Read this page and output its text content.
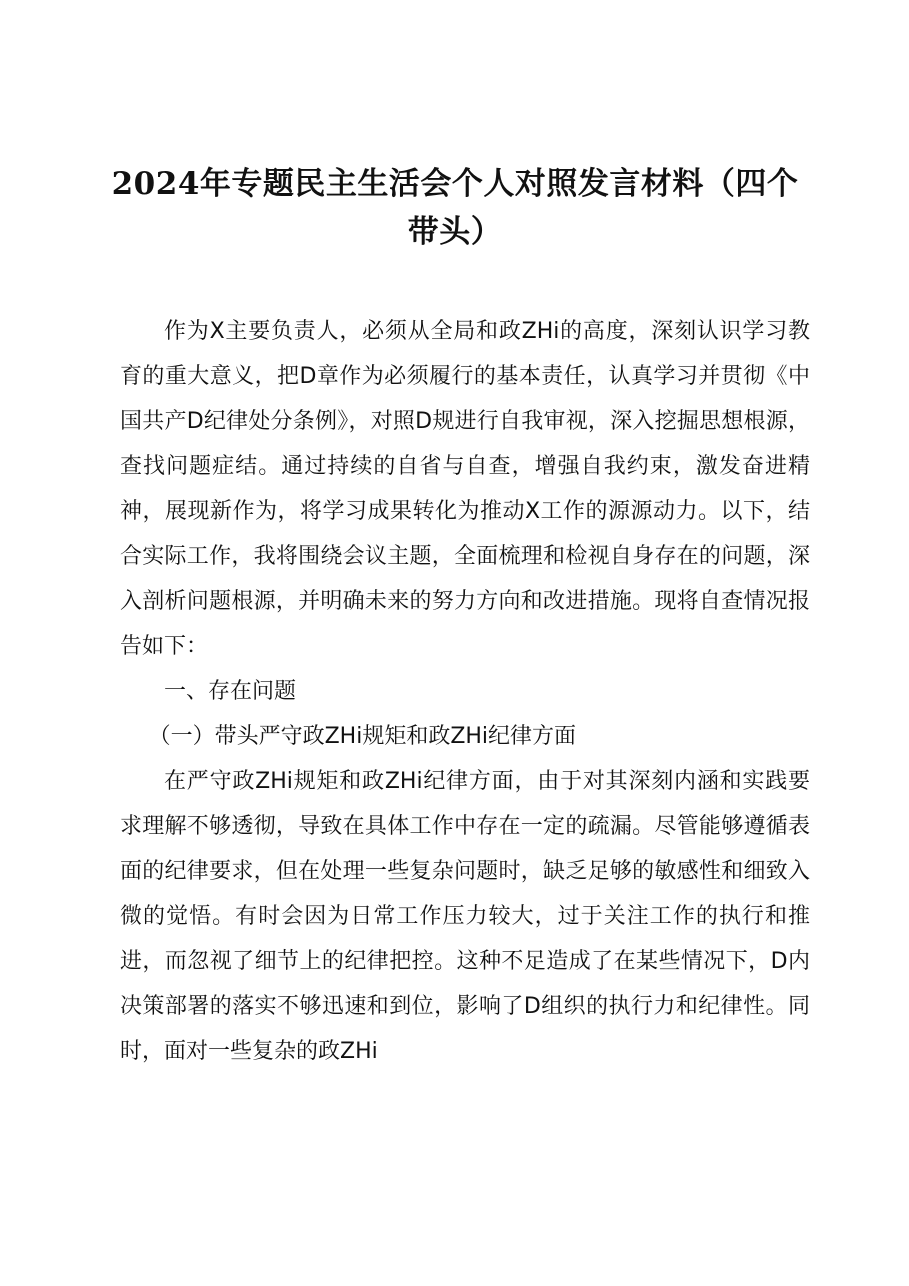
2024年专题民主生活会个人对照发言材料（四个带头）

作为X主要负责人，必须从全局和政ZHi的高度，深刻认识学习教育的重大意义，把D章作为必须履行的基本责任，认真学习并贯彻《中国共产D纪律处分条例》，对照D规进行自我审视，深入挖掘思想根源，查找问题症结。通过持续的自省与自查，增强自我约束，激发奋进精神，展现新作为，将学习成果转化为推动X工作的源源动力。以下，结合实际工作，我将围绕会议主题，全面梳理和检视自身存在的问题，深入剖析问题根源，并明确未来的努力方向和改进措施。现将自查情况报告如下：

一、存在问题

（一）带头严守政ZHi规矩和政ZHi纪律方面

在严守政ZHi规矩和政ZHi纪律方面，由于对其深刻内涵和实践要求理解不够透彻，导致在具体工作中存在一定的疏漏。尽管能够遵循表面的纪律要求，但在处理一些复杂问题时，缺乏足够的敏感性和细致入微的觉悟。有时会因为日常工作压力较大，过于关注工作的执行和推进，而忽视了细节上的纪律把控。这种不足造成了在某些情况下，D内决策部署的落实不够迅速和到位，影响了D组织的执行力和纪律性。同时，面对一些复杂的政ZHi
